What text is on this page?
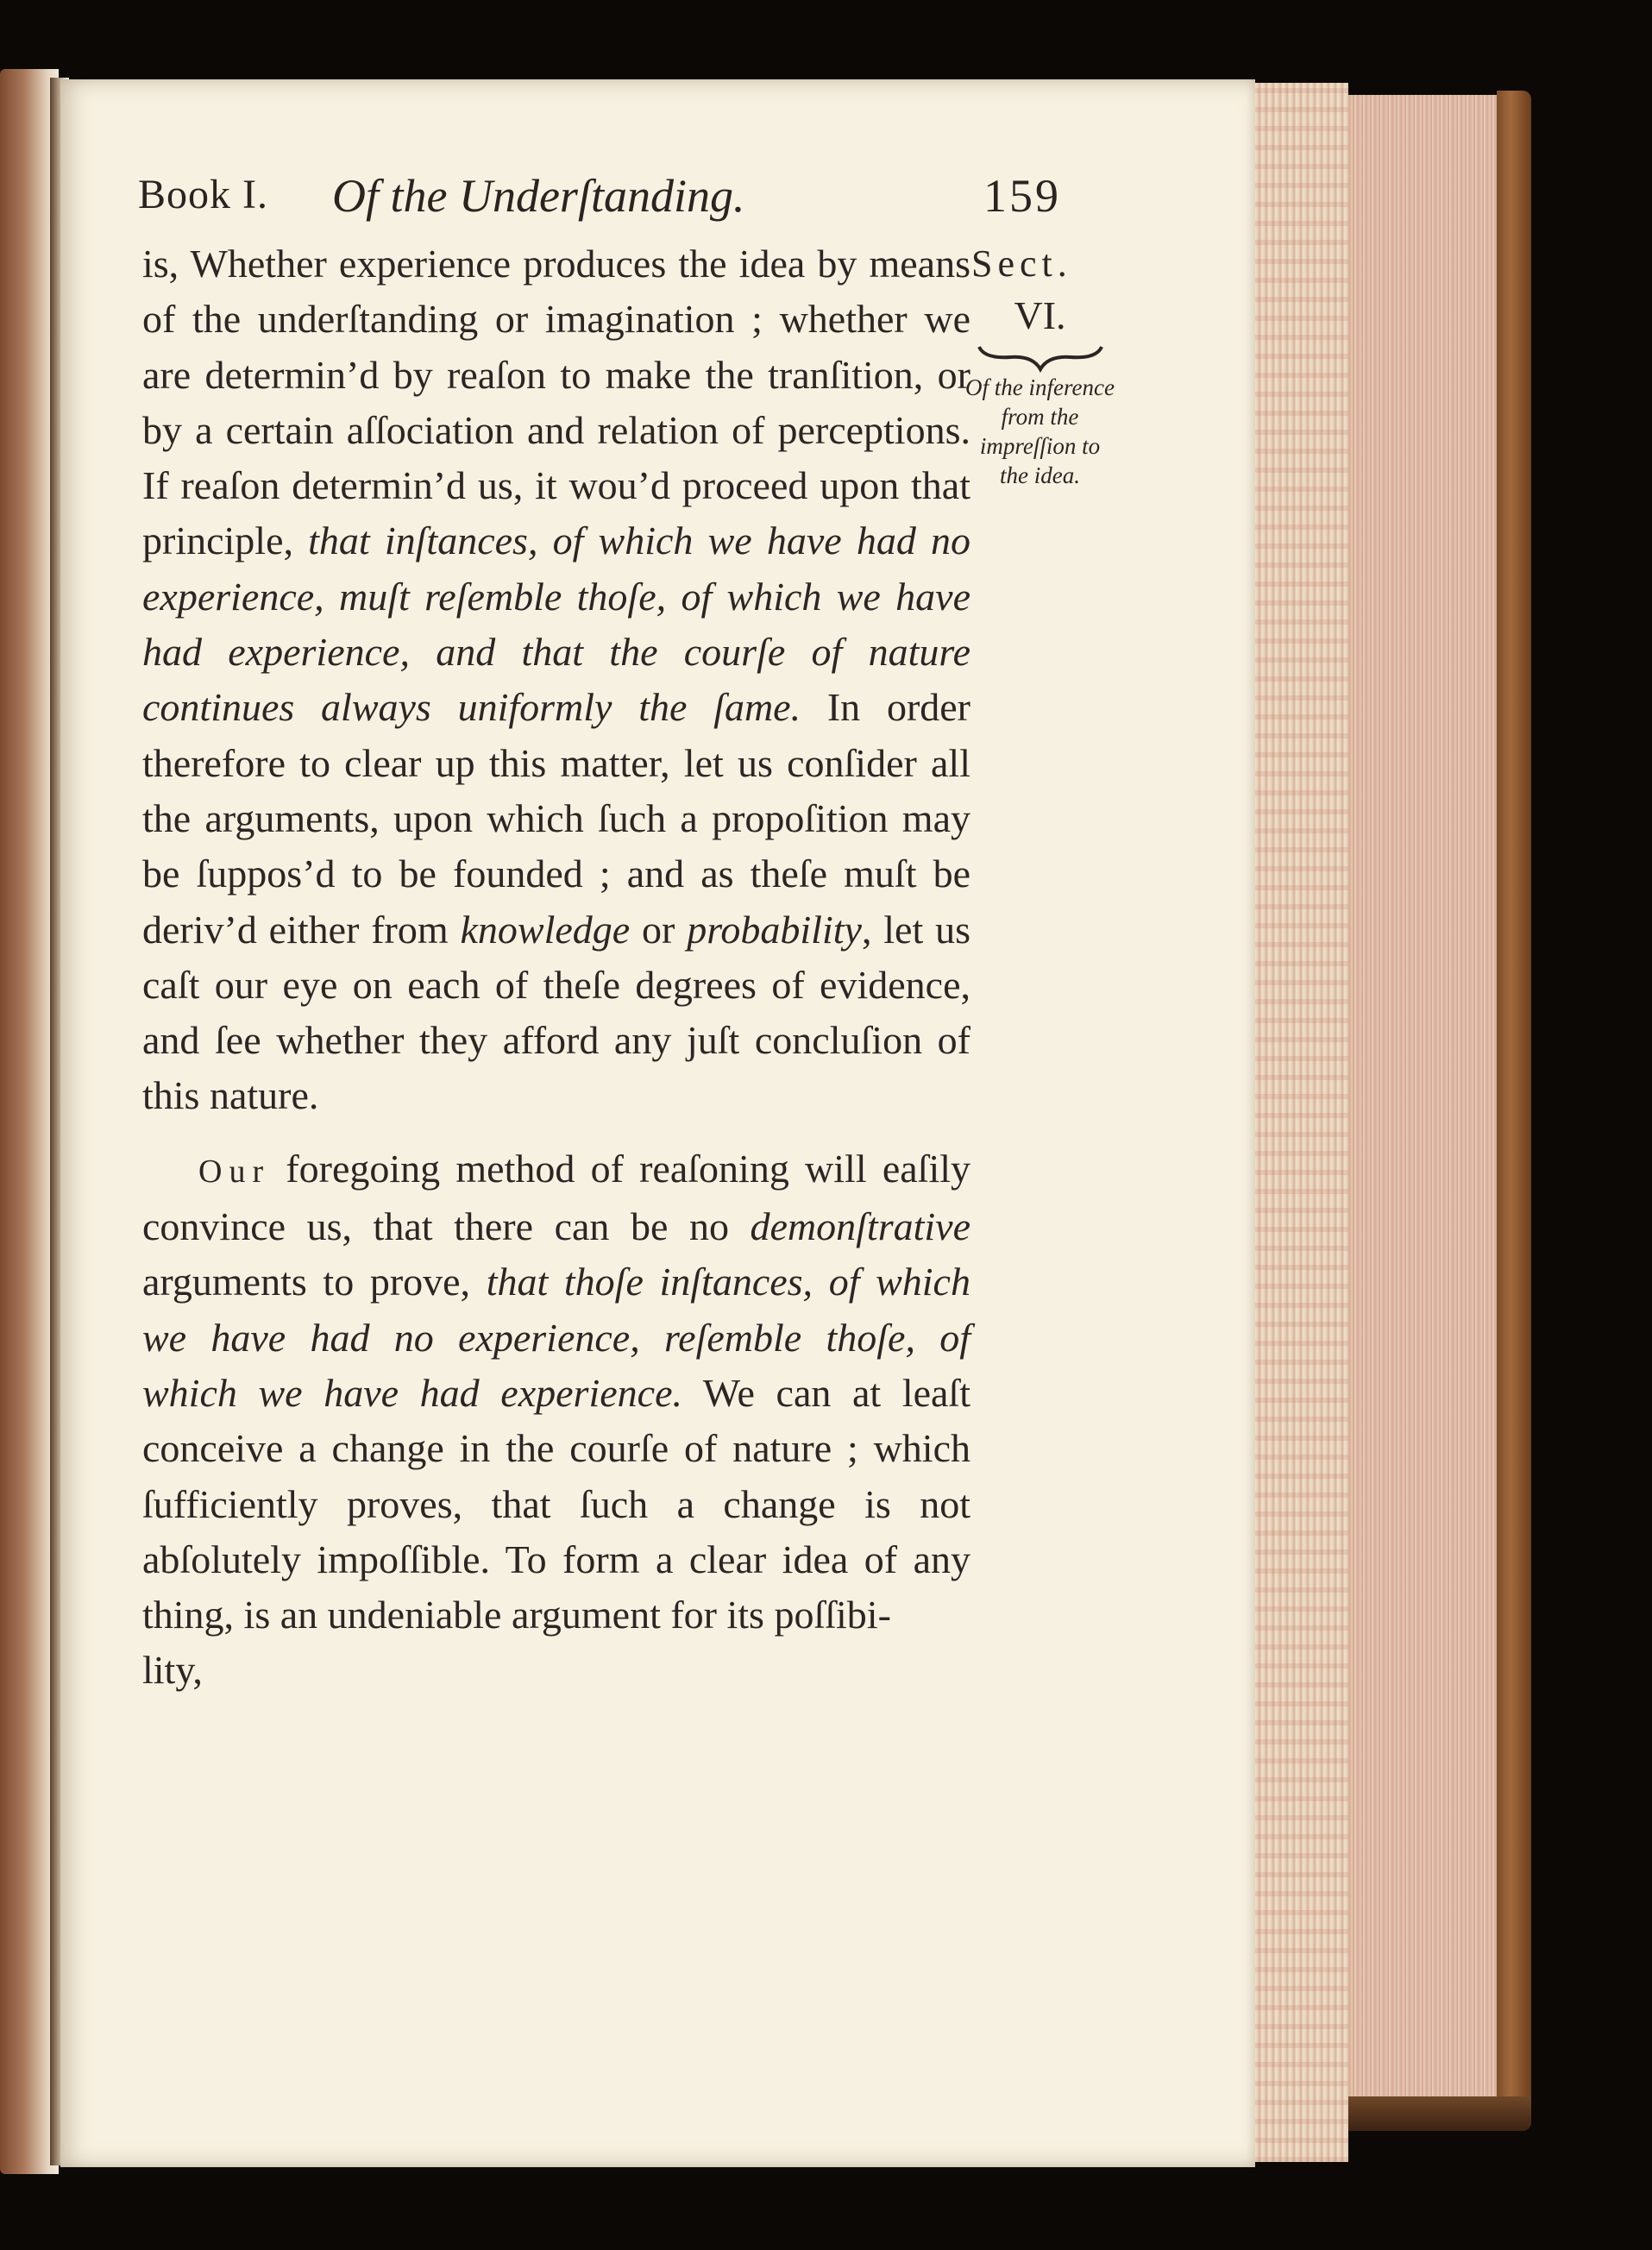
Book I. Of the Underſtanding.	159

is, Whether experience produces the idea by means of the underſtanding or imagination ; whether we are determin’d by reaſon to make the tranſition, or by a certain aſſociation and relation of perceptions. If reaſon determin’d us, it wou’d proceed upon that principle, that inſtances, of which we have had no experience, muſt reſemble thoſe, of which we have had experience, and that the courſe of nature continues always uniformly the ſame. In order therefore to clear up this matter, let us conſider all the arguments, upon which ſuch a propoſition may be ſuppos’d to be founded ; and as theſe muſt be deriv’d either from knowledge or probability, let us caſt our eye on each of theſe degrees of evidence, and ſee whether they afford any juſt concluſion of this nature.

Our foregoing method of reaſoning will eaſily convince us, that there can be no demonſtrative arguments to prove, that thoſe inſtances, of which we have had no experience, reſemble thoſe, of which we have had experience. We can at leaſt conceive a change in the courſe of nature ; which ſufficiently proves, that ſuch a change is not abſolutely impoſſible. To form a clear idea of any thing, is an undeniable argument for its poſſibi-

lity,
Sect.
VI.
Of the inference from the impreſſion to the idea.
